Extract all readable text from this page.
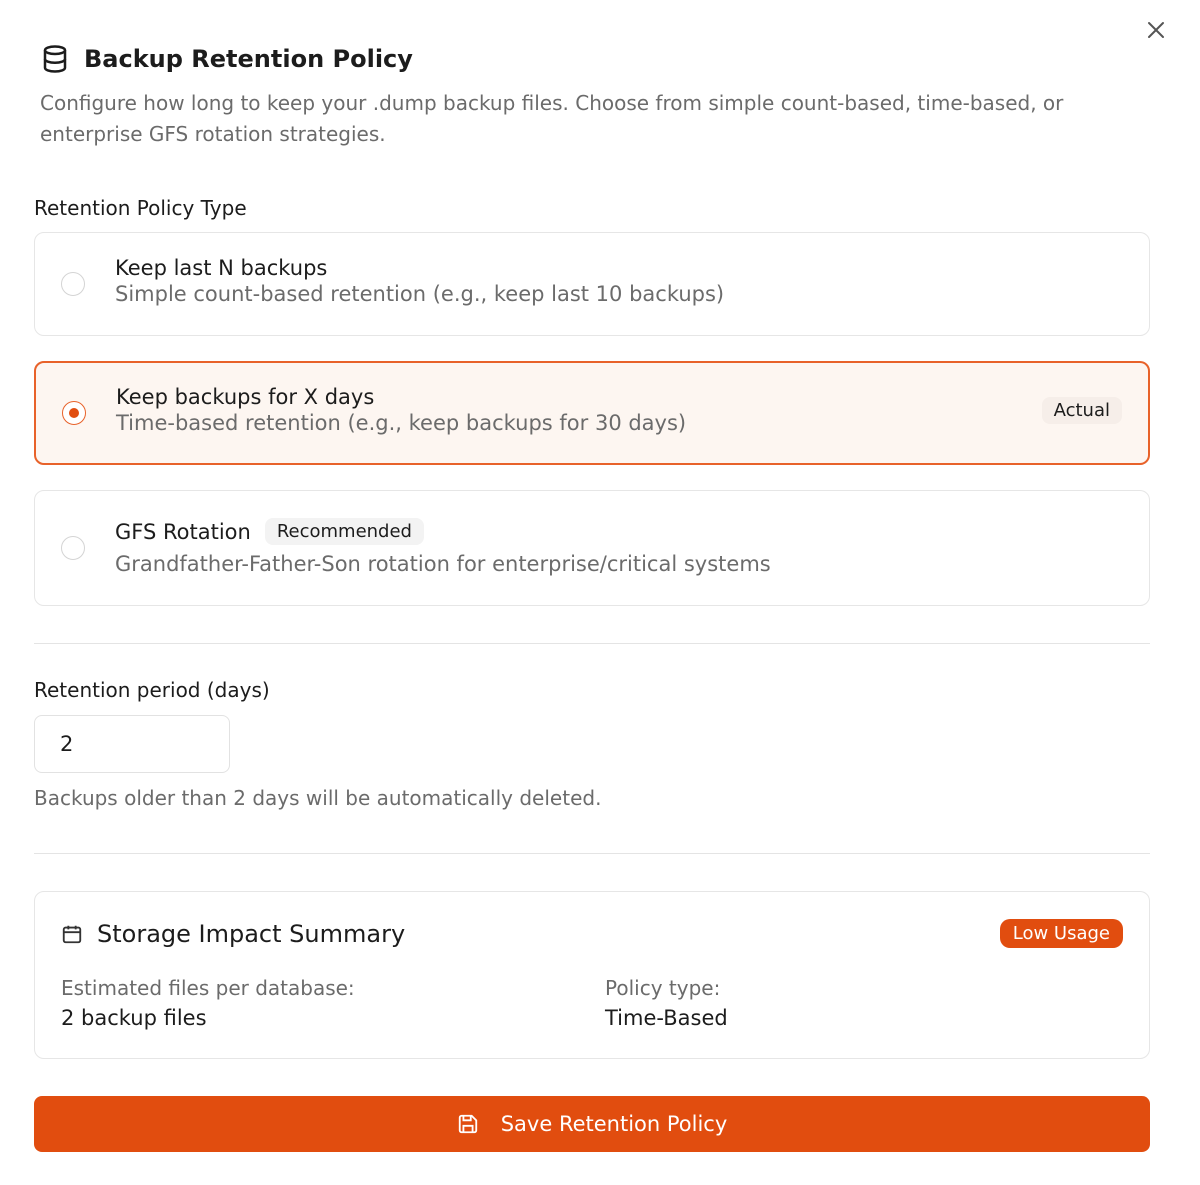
Backup Retention Policy

Configure how long to keep your .dump backup files. Choose from simple count-based, time-based, or enterprise GFS rotation strategies.

Retention Policy Type
Keep last N backups
Simple count-based retention (e.g., keep last 10 backups)
Keep backups for X days
Time-based retention (e.g., keep backups for 30 days)
Actual
GFS Rotation	Recommended
Grandfather-Father-Son rotation for enterprise/critical systems
Retention period (days)
2
Backups older than 2 days will be automatically deleted.
Storage Impact Summary	Low Usage
Estimated files per database:
2 backup files
Policy type:
Time-Based
Save Retention Policy
